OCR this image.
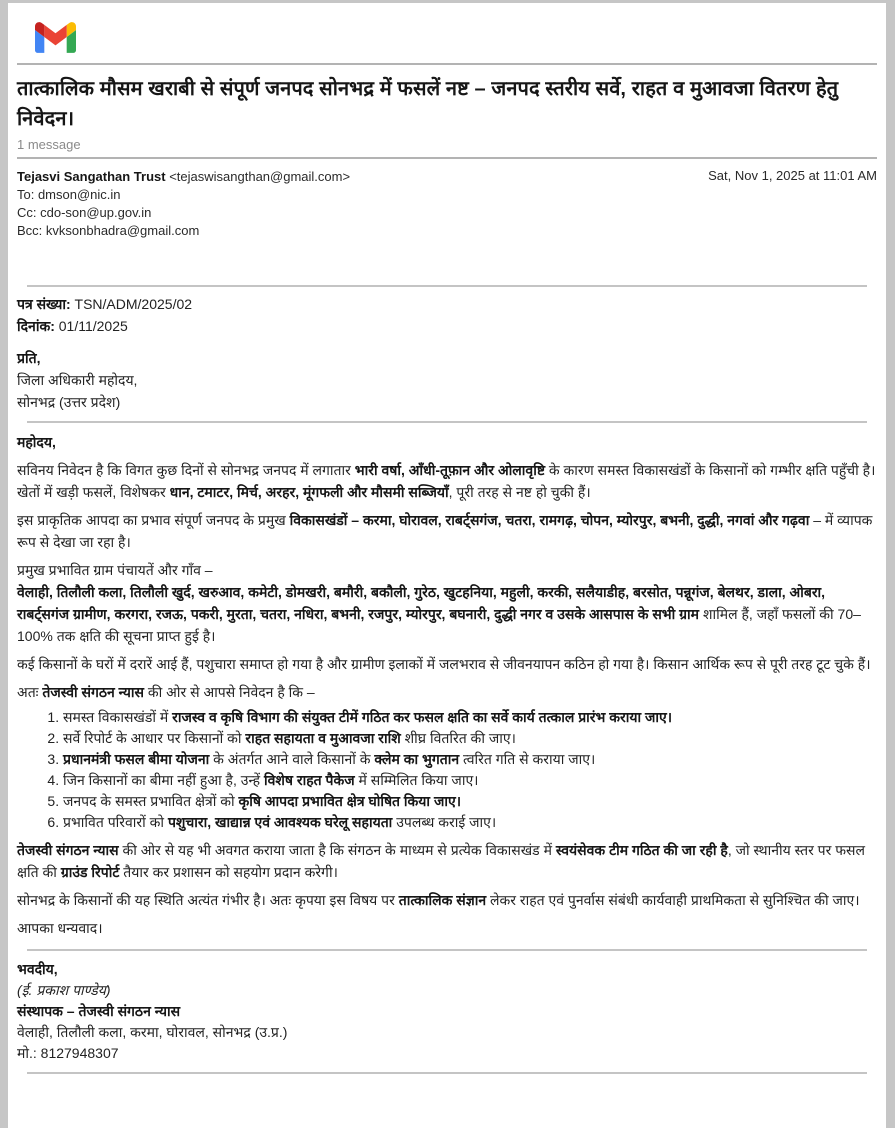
तात्कालिक मौसम खराबी से संपूर्ण जनपद सोनभद्र में फसलें नष्ट – जनपद स्तरीय सर्वे, राहत व मुआवजा वितरण हेतु निवेदन।
1 message
Tejasvi Sangathan Trust <tejaswisangthan@gmail.com>
To: dmson@nic.in
Cc: cdo-son@up.gov.in
Bcc: kvksonbhadra@gmail.com
Sat, Nov 1, 2025 at 11:01 AM
पत्र संख्या: TSN/ADM/2025/02
दिनांक: 01/11/2025
प्रति,
जिला अधिकारी महोदय,
सोनभद्र (उत्तर प्रदेश)

महोदय,

सविनय निवेदन है कि विगत कुछ दिनों से सोनभद्र जनपद में लगातार भारी वर्षा, आँधी-तूफ़ान और ओलावृष्टि के कारण समस्त विकासखंडों के किसानों को गम्भीर क्षति पहुँची है। खेतों में खड़ी फसलें, विशेषकर धान, टमाटर, मिर्च, अरहर, मूंगफली और मौसमी सब्जियाँ, पूरी तरह से नष्ट हो चुकी हैं।

इस प्राकृतिक आपदा का प्रभाव संपूर्ण जनपद के प्रमुख विकासखंडों – करमा, घोरावल, राबर्ट्सगंज, चतरा, रामगढ़, चोपन, म्योरपुर, बभनी, दुद्धी, नगवां और गढ़वा – में व्यापक रूप से देखा जा रहा है।

प्रमुख प्रभावित ग्राम पंचायतें और गाँव –
वेलाही, तिलौली कला, तिलौली खुर्द, खरुआव, कमेटी, डोमखरी, बमौरी, बकौली, गुरेठ, खुटहनिया, महुली, करकी, सलैयाडीह, बरसोत, पन्नूगंज, बेलथर, डाला, ओबरा, राबर्ट्सगंज ग्रामीण, करगरा, रजऊ, पकरी, मुरता, चतरा, नधिरा, बभनी, रजपुर, म्योरपुर, बघनारी, दुद्धी नगर व उसके आसपास के सभी ग्राम शामिल हैं, जहाँ फसलों की 70–100% तक क्षति की सूचना प्राप्त हुई है।

कई किसानों के घरों में दरारें आई हैं, पशुचारा समाप्त हो गया है और ग्रामीण इलाकों में जलभराव से जीवनयापन कठिन हो गया है। किसान आर्थिक रूप से पूरी तरह टूट चुके हैं।

अतः तेजस्वी संगठन न्यास की ओर से आपसे निवेदन है कि –

1. समस्त विकासखंडों में राजस्व व कृषि विभाग की संयुक्त टीमें गठित कर फसल क्षति का सर्वे कार्य तत्काल प्रारंभ कराया जाए।
2. सर्वे रिपोर्ट के आधार पर किसानों को राहत सहायता व मुआवजा राशि शीघ्र वितरित की जाए।
3. प्रधानमंत्री फसल बीमा योजना के अंतर्गत आने वाले किसानों के क्लेम का भुगतान त्वरित गति से कराया जाए।
4. जिन किसानों का बीमा नहीं हुआ है, उन्हें विशेष राहत पैकेज में सम्मिलित किया जाए।
5. जनपद के समस्त प्रभावित क्षेत्रों को कृषि आपदा प्रभावित क्षेत्र घोषित किया जाए।
6. प्रभावित परिवारों को पशुचारा, खाद्यान्न एवं आवश्यक घरेलू सहायता उपलब्ध कराई जाए।

तेजस्वी संगठन न्यास की ओर से यह भी अवगत कराया जाता है कि संगठन के माध्यम से प्रत्येक विकासखंड में स्वयंसेवक टीम गठित की जा रही है, जो स्थानीय स्तर पर फसल क्षति की ग्राउंड रिपोर्ट तैयार कर प्रशासन को सहयोग प्रदान करेगी।

सोनभद्र के किसानों की यह स्थिति अत्यंत गंभीर है। अतः कृपया इस विषय पर तात्कालिक संज्ञान लेकर राहत एवं पुनर्वास संबंधी कार्यवाही प्राथमिकता से सुनिश्चित की जाए।

आपका धन्यवाद।

भवदीय,
(ई. प्रकाश पाण्डेय)
संस्थापक – तेजस्वी संगठन न्यास
वेलाही, तिलौली कला, करमा, घोरावल, सोनभद्र (उ.प्र.)
मो.: 8127948307
